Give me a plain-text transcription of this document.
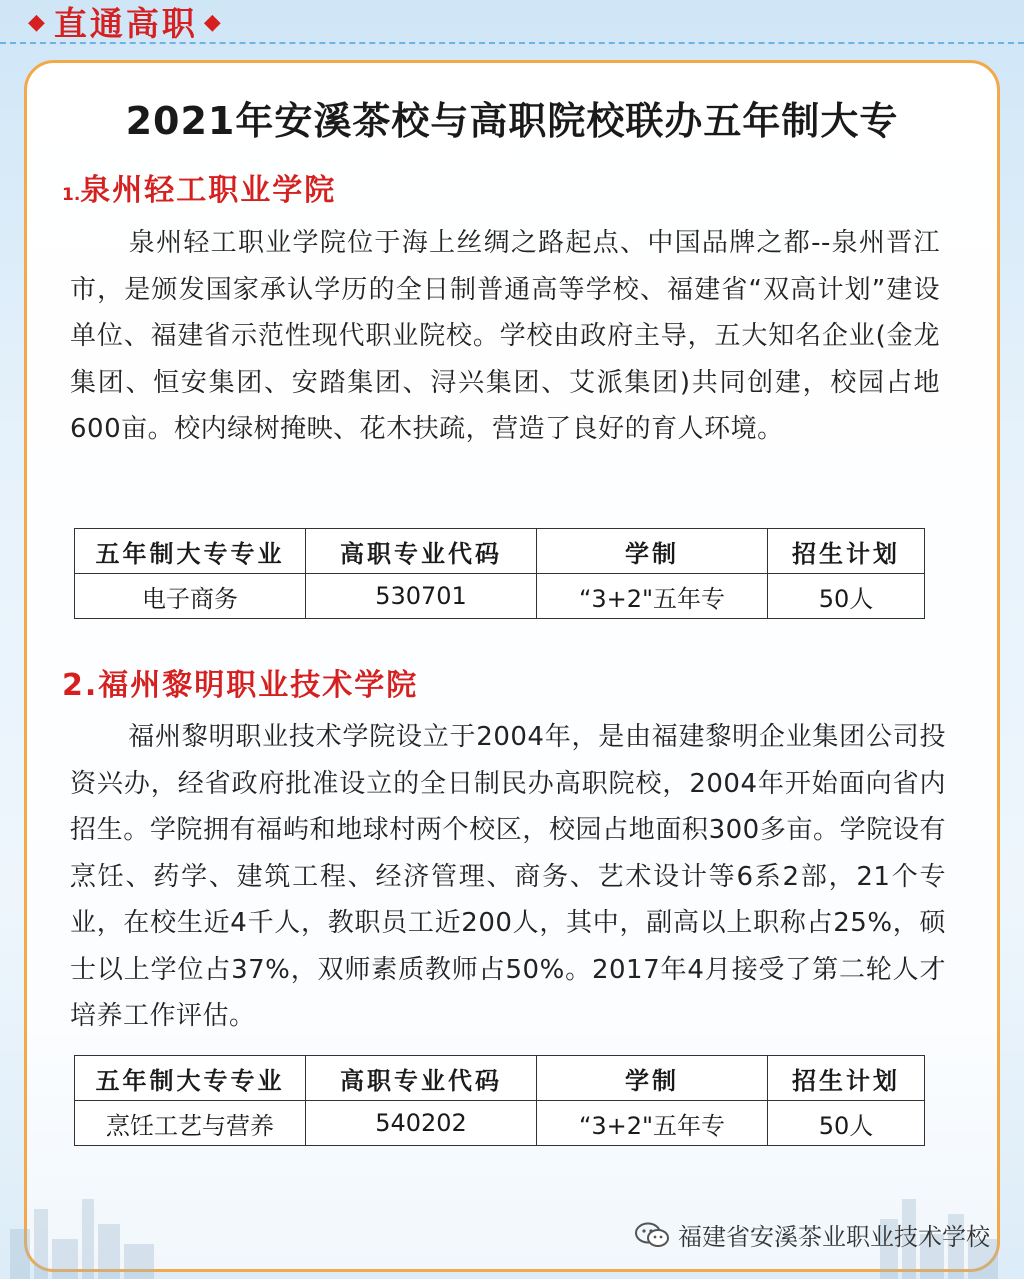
◆ 直通高职 ◆
2021年安溪茶校与高职院校联办五年制大专
1.泉州轻工职业学院

泉州轻工职业学院位于海上丝绸之路起点、中国品牌之都--泉州晋江市，是颁发国家承认学历的全日制普通高等学校、福建省“双高计划”建设单位、福建省示范性现代职业院校。学校由政府主导，五大知名企业(金龙集团、恒安集团、安踏集团、浔兴集团、艾派集团)共同创建，校园占地600亩。校内绿树掩映、花木扶疏，营造了良好的育人环境。

五年制大专专业	高职专业代码	学制	招生计划
电子商务	530701	“3+2"五年专	50人
2.福州黎明职业技术学院

福州黎明职业技术学院设立于2004年，是由福建黎明企业集团公司投资兴办，经省政府批准设立的全日制民办高职院校，2004年开始面向省内招生。学院拥有福屿和地球村两个校区，校园占地面积300多亩。学院设有烹饪、药学、建筑工程、经济管理、商务、艺术设计等6系2部，21个专业，在校生近4千人，教职员工近200人，其中，副高以上职称占25%，硕士以上学位占37%，双师素质教师占50%。2017年4月接受了第二轮人才培养工作评估。

五年制大专专业	高职专业代码	学制	招生计划
烹饪工艺与营养	540202	“3+2"五年专	50人
福建省安溪茶业职业技术学校
